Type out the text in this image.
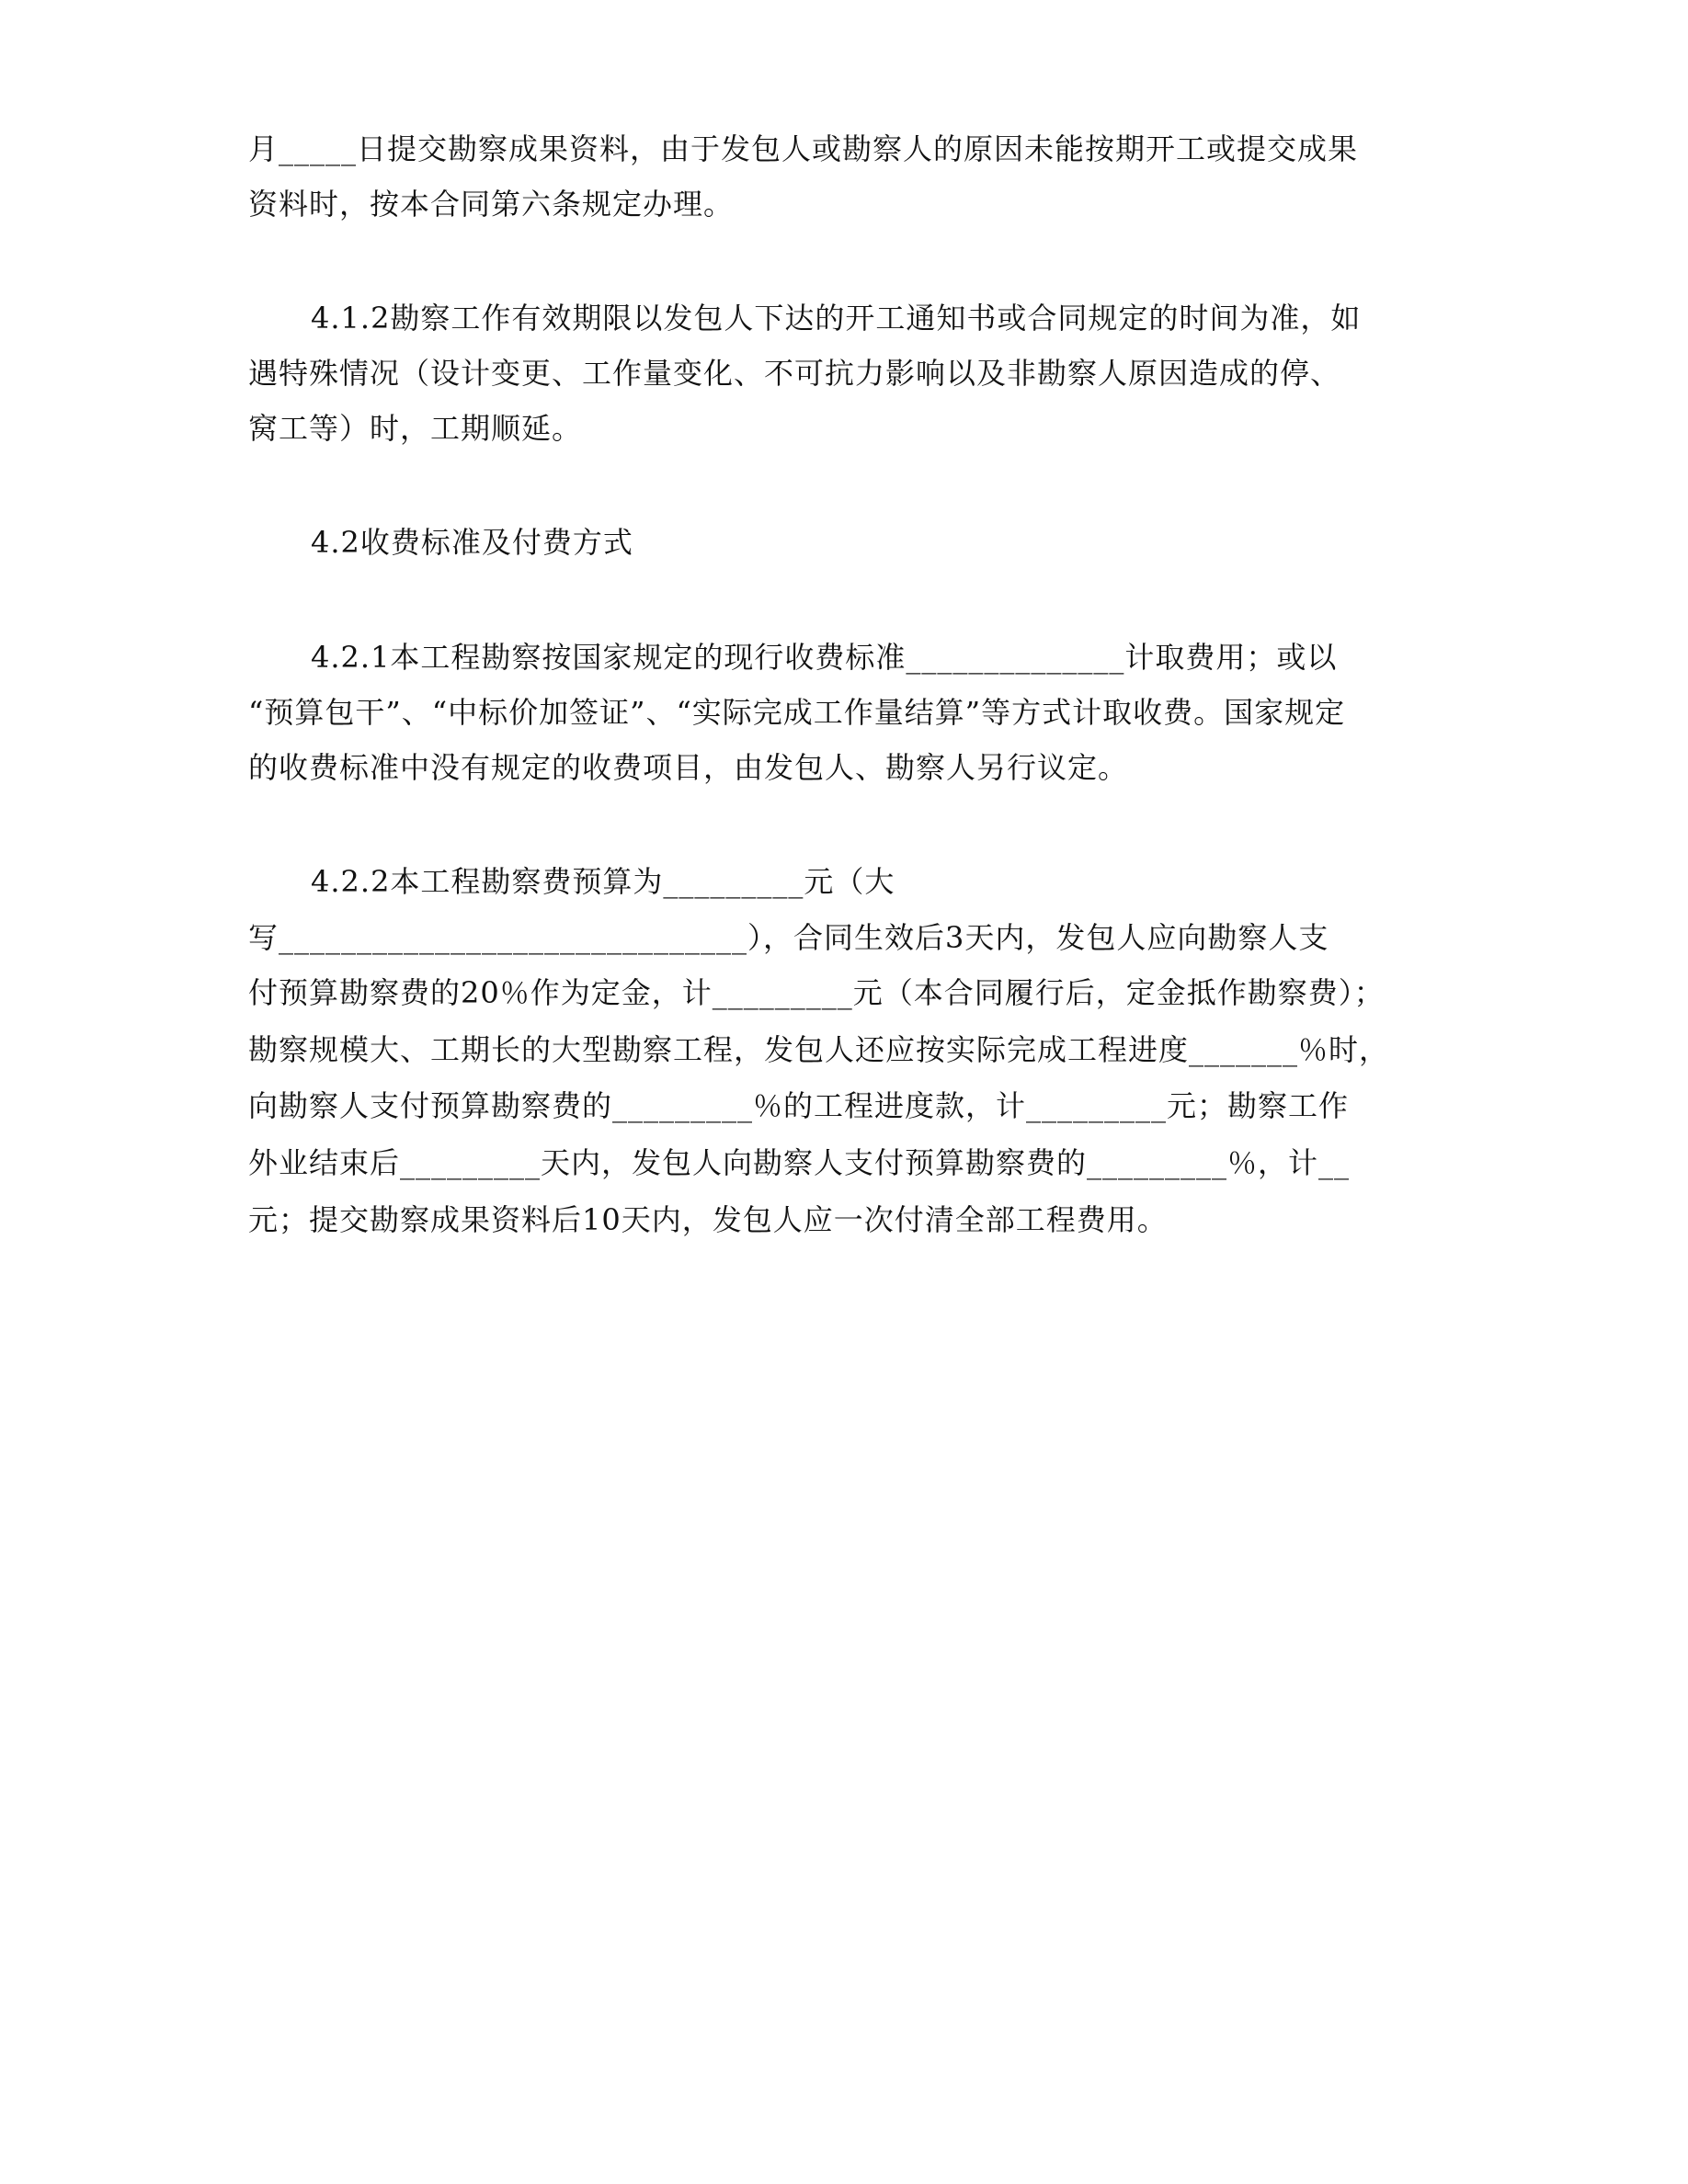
月_____日提交勘察成果资料，由于发包人或勘察人的原因未能按期开工或提交成果
资料时，按本合同第六条规定办理。
4.1.2勘察工作有效期限以发包人下达的开工通知书或合同规定的时间为准，如
遇特殊情况（设计变更、工作量变化、不可抗力影响以及非勘察人原因造成的停、
窝工等）时，工期顺延。
4.2收费标准及付费方式
4.2.1本工程勘察按国家规定的现行收费标准______________计取费用；或以
“预算包干”、“中标价加签证”、“实际完成工作量结算”等方式计取收费。国家规定
的收费标准中没有规定的收费项目，由发包人、勘察人另行议定。
4.2.2本工程勘察费预算为_________元（大
写______________________________），合同生效后3天内，发包人应向勘察人支
付预算勘察费的20％作为定金，计_________元（本合同履行后，定金抵作勘察费）；
勘察规模大、工期长的大型勘察工程，发包人还应按实际完成工程进度_______％时，
向勘察人支付预算勘察费的_________％的工程进度款，计_________元；勘察工作
外业结束后_________天内，发包人向勘察人支付预算勘察费的_________％，计__
元；提交勘察成果资料后10天内，发包人应一次付清全部工程费用。
